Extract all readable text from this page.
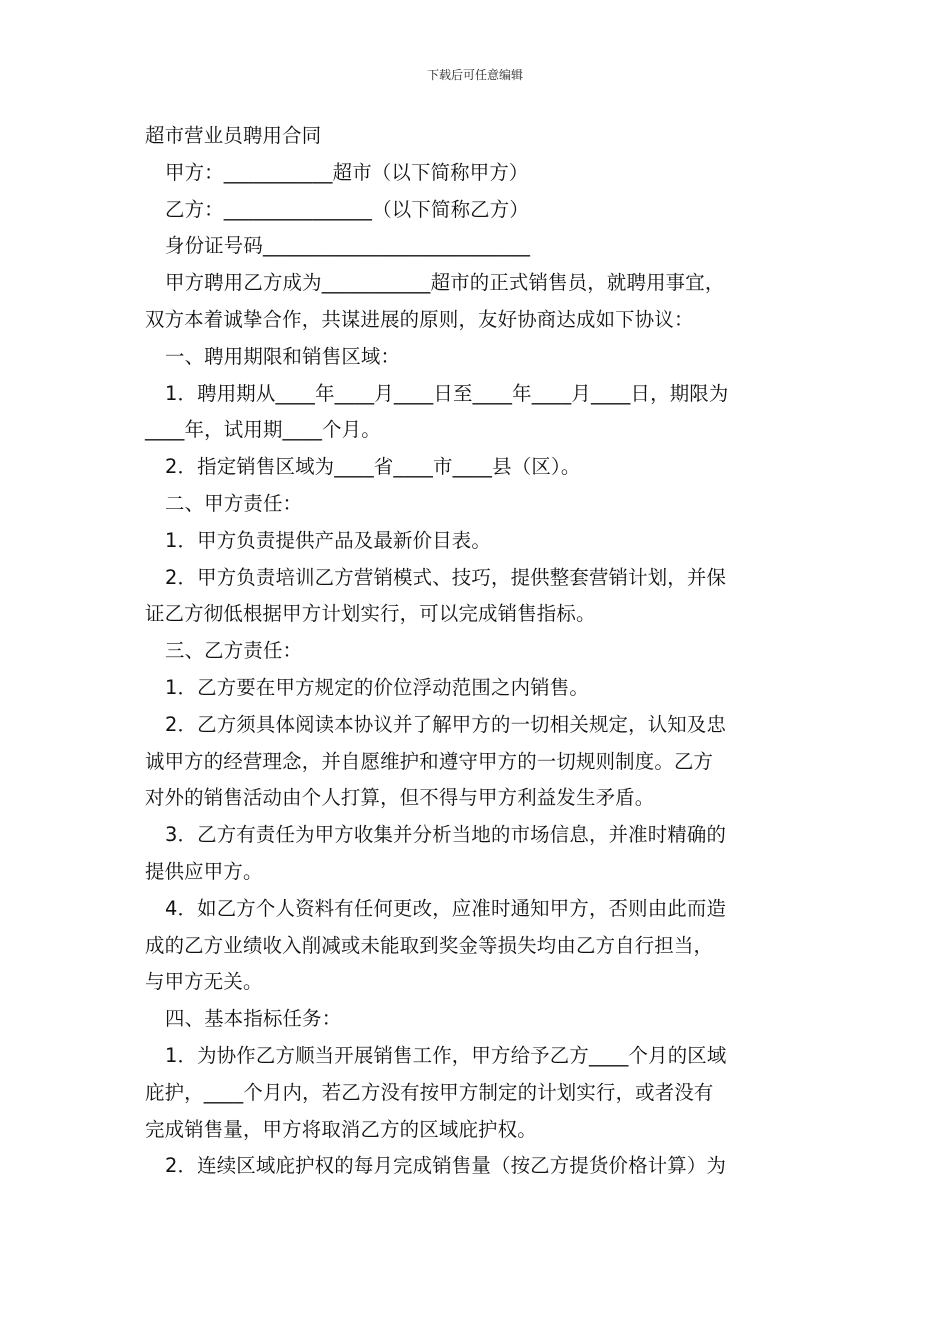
下载后可任意编辑
超市营业员聘用合同
甲方：___________超市（以下简称甲方）
乙方：_______________（以下简称乙方）
身份证号码___________________________
甲方聘用乙方成为___________超市的正式销售员，就聘用事宜，
双方本着诚挚合作，共谋进展的原则，友好协商达成如下协议：
一、聘用期限和销售区域：
1．聘用期从____年____月____日至____年____月____日，期限为
____年，试用期____个月。
2．指定销售区域为____省____市____县（区）。
二、甲方责任：
1．甲方负责提供产品及最新价目表。
2．甲方负责培训乙方营销模式、技巧，提供整套营销计划，并保
证乙方彻低根据甲方计划实行，可以完成销售指标。
三、乙方责任：
1．乙方要在甲方规定的价位浮动范围之内销售。
2．乙方须具体阅读本协议并了解甲方的一切相关规定，认知及忠
诚甲方的经营理念，并自愿维护和遵守甲方的一切规则制度。乙方
对外的销售活动由个人打算，但不得与甲方利益发生矛盾。
3．乙方有责任为甲方收集并分析当地的市场信息，并准时精确的
提供应甲方。
4．如乙方个人资料有任何更改，应准时通知甲方，否则由此而造
成的乙方业绩收入削减或未能取到奖金等损失均由乙方自行担当，
与甲方无关。
四、基本指标任务：
1．为协作乙方顺当开展销售工作，甲方给予乙方____个月的区域
庇护，____个月内，若乙方没有按甲方制定的计划实行，或者没有
完成销售量，甲方将取消乙方的区域庇护权。
2．连续区域庇护权的每月完成销售量（按乙方提货价格计算）为
